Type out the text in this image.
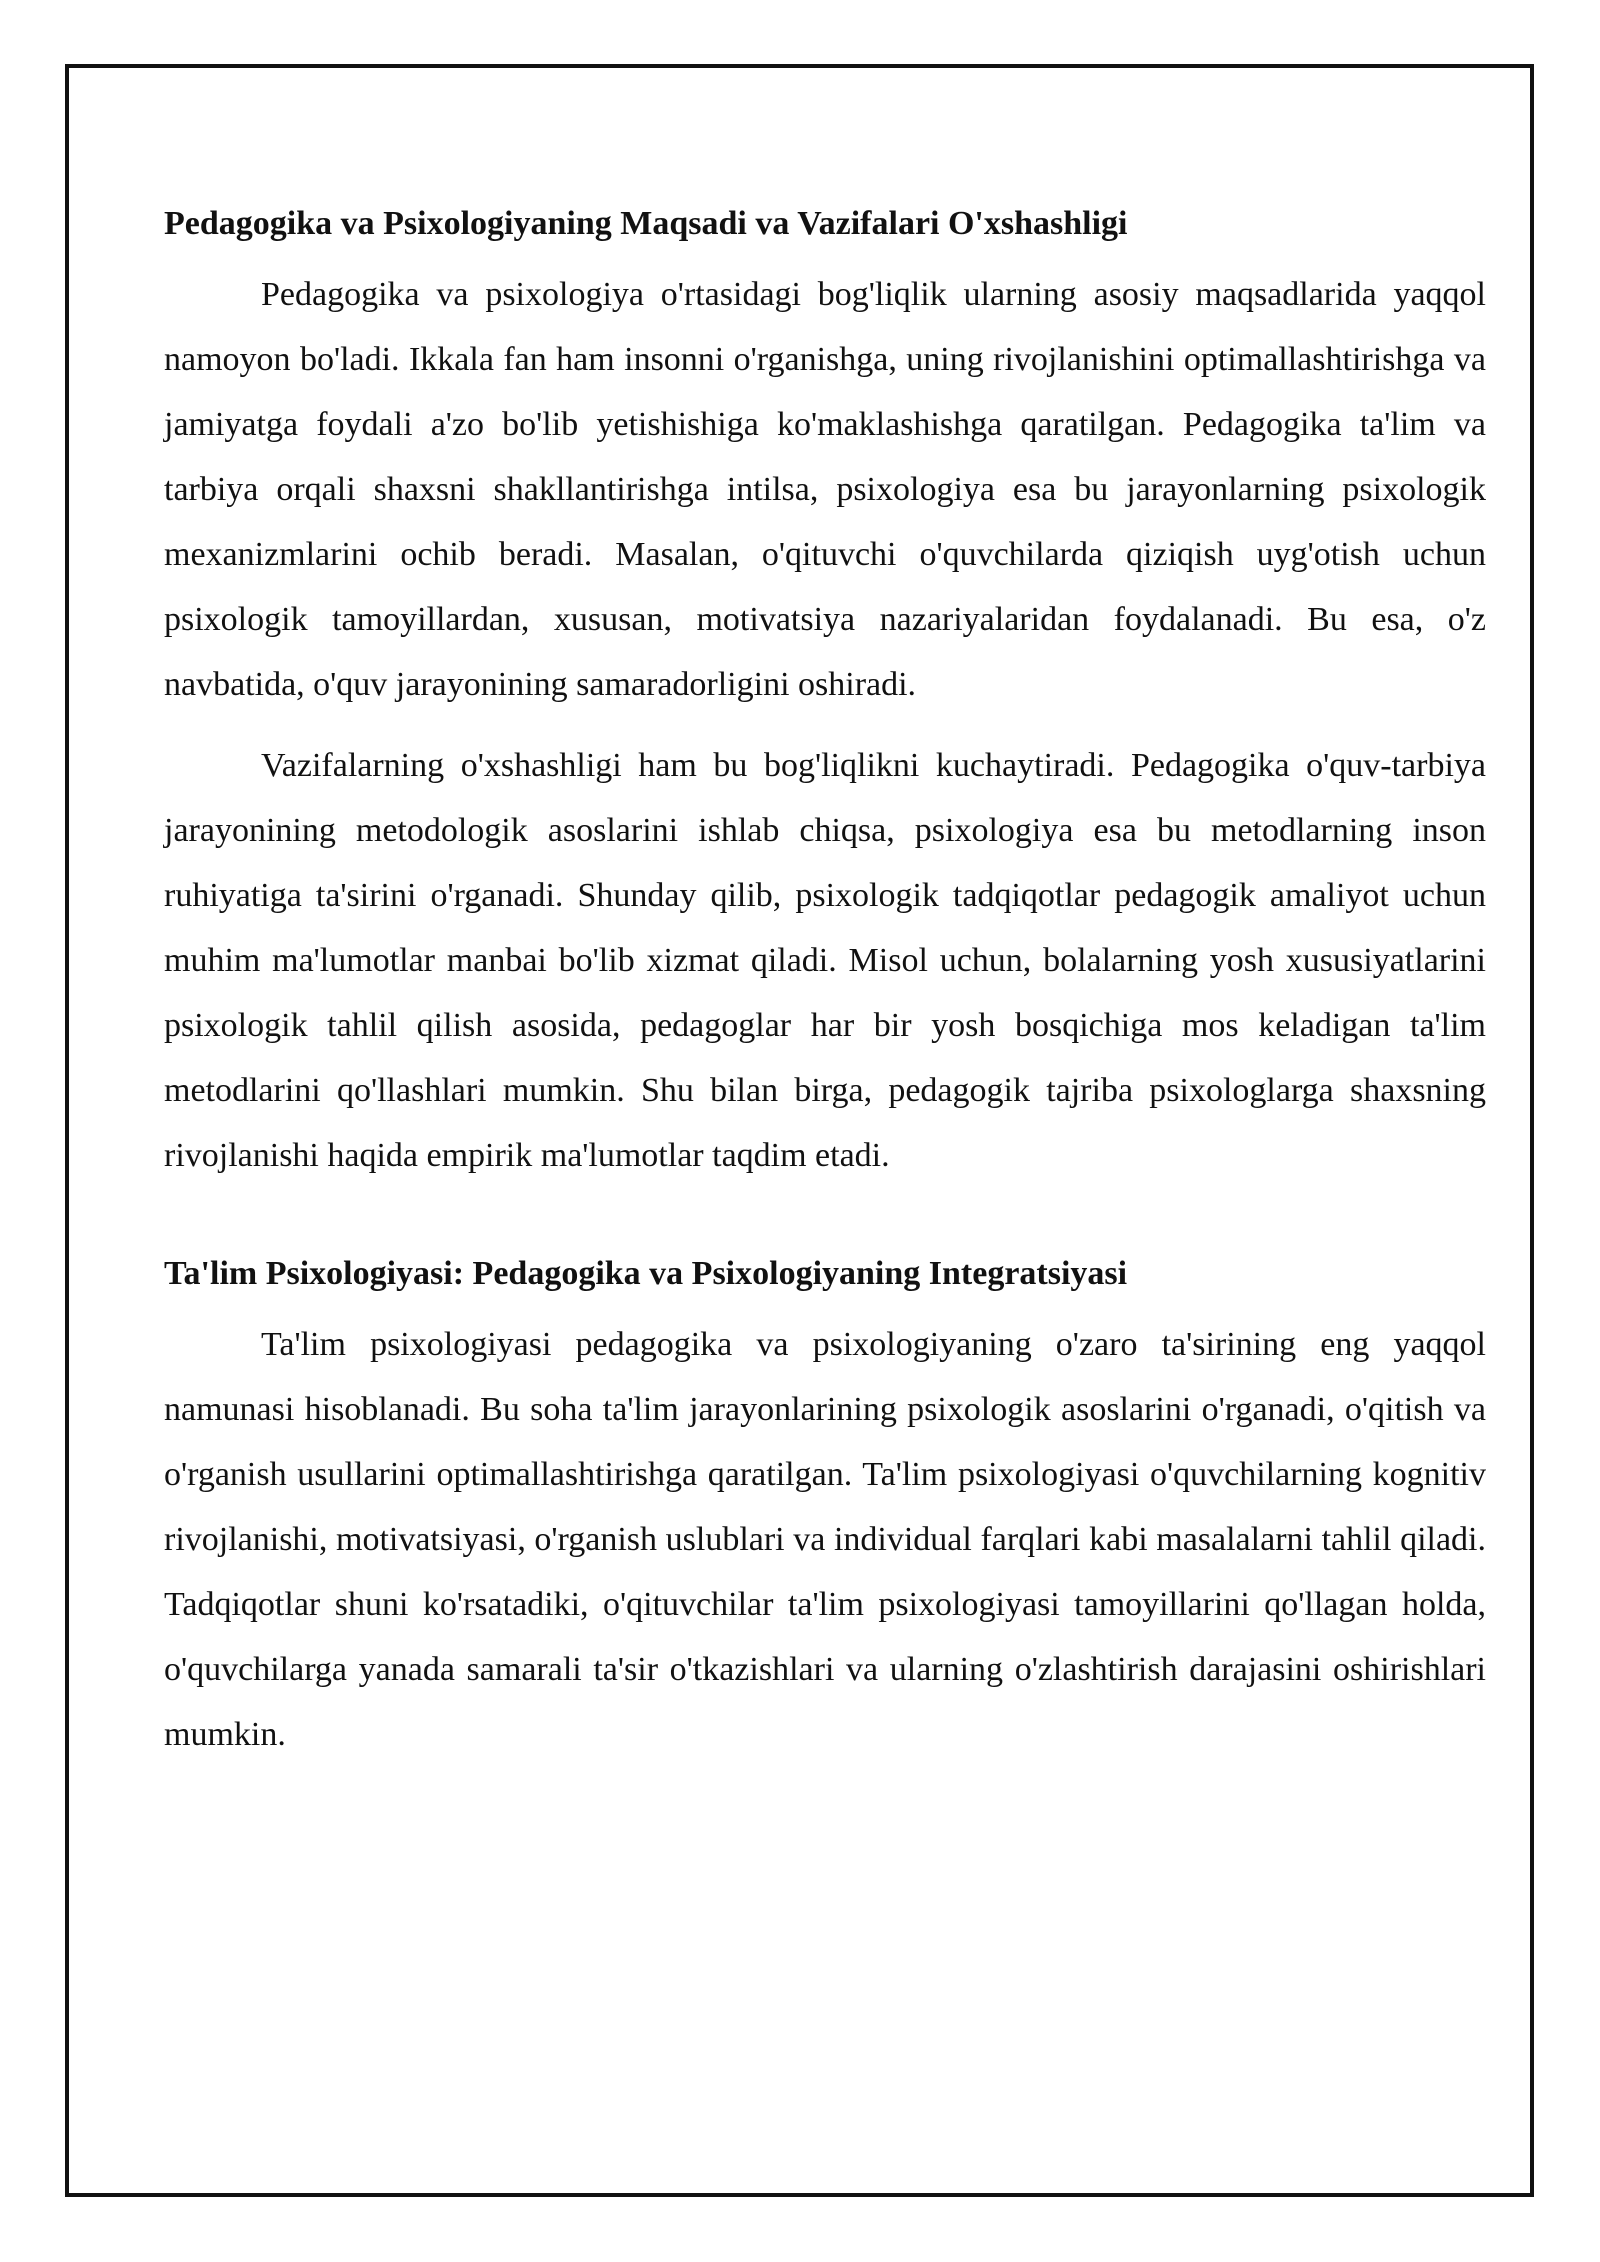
Pedagogika va Psixologiyaning Maqsadi va Vazifalari O'xshashligi

Pedagogika va psixologiya o'rtasidagi bog'liqlik ularning asosiy maqsadlarida yaqqol namoyon bo'ladi. Ikkala fan ham insonni o'rganishga, uning rivojlanishini optimallashtirishga va jamiyatga foydali a'zo bo'lib yetishishiga ko'maklashishga qaratilgan. Pedagogika ta'lim va tarbiya orqali shaxsni shakllantirishga intilsa, psixologiya esa bu jarayonlarning psixologik mexanizmlarini ochib beradi. Masalan, o'qituvchi o'quvchilarda qiziqish uyg'otish uchun psixologik tamoyillardan, xususan, motivatsiya nazariyalaridan foydalanadi. Bu esa, o'z navbatida, o'quv jarayonining samaradorligini oshiradi.

Vazifalarning o'xshashligi ham bu bog'liqlikni kuchaytiradi. Pedagogika o'quv-tarbiya jarayonining metodologik asoslarini ishlab chiqsa, psixologiya esa bu metodlarning inson ruhiyatiga ta'sirini o'rganadi. Shunday qilib, psixologik tadqiqotlar pedagogik amaliyot uchun muhim ma'lumotlar manbai bo'lib xizmat qiladi. Misol uchun, bolalarning yosh xususiyatlarini psixologik tahlil qilish asosida, pedagoglar har bir yosh bosqichiga mos keladigan ta'lim metodlarini qo'llashlari mumkin. Shu bilan birga, pedagogik tajriba psixologlarga shaxsning rivojlanishi haqida empirik ma'lumotlar taqdim etadi.

Ta'lim Psixologiyasi: Pedagogika va Psixologiyaning Integratsiyasi

Ta'lim psixologiyasi pedagogika va psixologiyaning o'zaro ta'sirining eng yaqqol namunasi hisoblanadi. Bu soha ta'lim jarayonlarining psixologik asoslarini o'rganadi, o'qitish va o'rganish usullarini optimallashtirishga qaratilgan. Ta'lim psixologiyasi o'quvchilarning kognitiv rivojlanishi, motivatsiyasi, o'rganish uslublari va individual farqlari kabi masalalarni tahlil qiladi. Tadqiqotlar shuni ko'rsatadiki, o'qituvchilar ta'lim psixologiyasi tamoyillarini qo'llagan holda, o'quvchilarga yanada samarali ta'sir o'tkazishlari va ularning o'zlashtirish darajasini oshirishlari mumkin.
